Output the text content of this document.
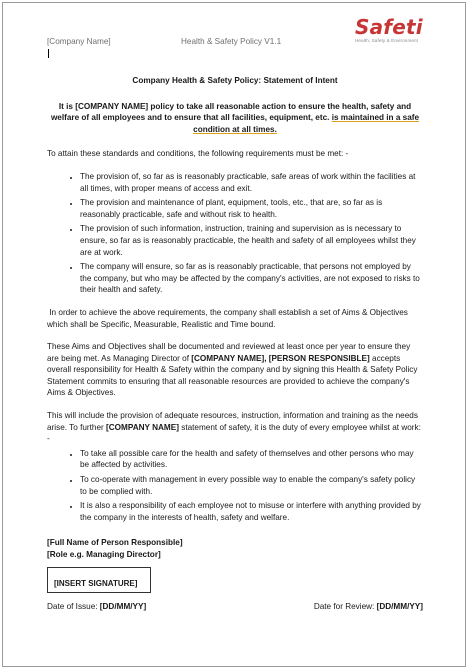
[Company Name]	Health & Safety Policy V1.1
Safeti
Health, Safety & Environment
Company Health & Safety Policy: Statement of Intent
It is [COMPANY NAME] policy to take all reasonable action to ensure the health, safety and welfare of all employees and to ensure that all facilities, equipment, etc. is maintained in a safe condition at all times.

To attain these standards and conditions, the following requirements must be met: -

• The provision of, so far as is reasonably practicable, safe areas of work within the facilities at all times, with proper means of access and exit.
• The provision and maintenance of plant, equipment, tools, etc., that are, so far as is reasonably practicable, safe and without risk to health.
• The provision of such information, instruction, training and supervision as is necessary to ensure, so far as is reasonably practicable, the health and safety of all employees whilst they are at work.
• The company will ensure, so far as is reasonably practicable, that persons not employed by the company, but who may be affected by the company's activities, are not exposed to risks to their health and safety.

In order to achieve the above requirements, the company shall establish a set of Aims & Objectives which shall be Specific, Measurable, Realistic and Time bound.

These Aims and Objectives shall be documented and reviewed at least once per year to ensure they are being met. As Managing Director of [COMPANY NAME], [PERSON RESPONSIBLE] accepts overall responsibility for Health & Safety within the company and by signing this Health & Safety Policy Statement commits to ensuring that all reasonable resources are provided to achieve the company's Aims & Objectives.

This will include the provision of adequate resources, instruction, information and training as the needs arise. To further [COMPANY NAME] statement of safety, it is the duty of every employee whilst at work: -

• To take all possible care for the health and safety of themselves and other persons who may be affected by activities.
• To co-operate with management in every possible way to enable the company's safety policy to be complied with.
• It is also a responsibility of each employee not to misuse or interfere with anything provided by the company in the interests of health, safety and welfare.
[Full Name of Person Responsible]
[Role e.g. Managing Director]
[INSERT SIGNATURE]
Date of Issue: [DD/MM/YY]	Date for Review: [DD/MM/YY]
